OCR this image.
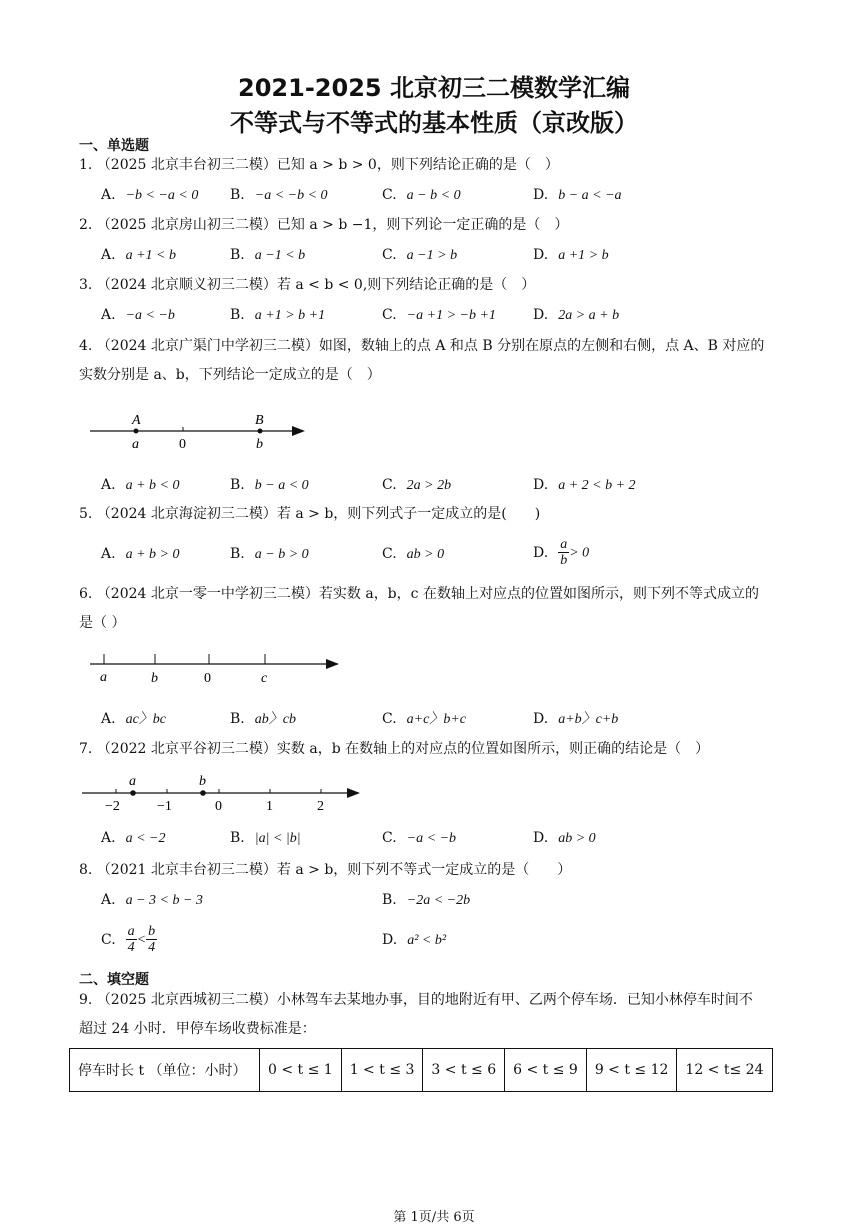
2021-2025 北京初三二模数学汇编
不等式与不等式的基本性质（京改版）
一、单选题
1. （2025 北京丰台初三二模）已知 a > b > 0，则下列结论正确的是（　）
A. −b < −a < 0 B. −a < −b < 0	C. a − b < 0	D. b − a < −a
2. （2025 北京房山初三二模）已知 a > b −1，则下列论一定正确的是（　）
A. a +1 < b	B. a −1 < b	C. a −1 > b	D. a +1 > b
3. （2024 北京顺义初三二模）若 a < b < 0,则下列结论正确的是（　）
A. −a < −b	B. a +1 > b +1	C. −a +1 > −b +1	D. 2a > a + b
4. （2024 北京广渠门中学初三二模）如图，数轴上的点 A 和点 B 分别在原点的左侧和右侧，点 A、B 对应的
实数分别是 a、b，下列结论一定成立的是（　）
A	B
a	0	b
A. a + b < 0	B. b − a < 0	C. 2a > 2b	D. a + 2 < b + 2
5. （2024 北京海淀初三二模）若 a > b，则下列式子一定成立的是(　　)
A. a + b > 0	B. a − b > 0	C. ab > 0	D. $\frac{a}{b} > 0$
6. （2024 北京一零一中学初三二模）若实数 a，b，c 在数轴上对应点的位置如图所示，则下列不等式成立的
是（ ）
a	b	0	c
A. ac〉bc	B. ab〉cb	C. a+c〉b+c	D. a+b〉c+b
7. （2022 北京平谷初三二模）实数 a，b 在数轴上的对应点的位置如图所示，则正确的结论是（　）
a	b
−2	−1	0	1	2
A. a < −2	B. |a| < |b|	C. −a < −b	D. ab > 0
8. （2021 北京丰台初三二模）若 a > b，则下列不等式一定成立的是（　　）
A. a − 3 < b − 3	B. −2a < −2b
C. $\frac{a}{4} < \frac{b}{4}$	D. a² < b²
二、填空题
9. （2025 北京西城初三二模）小林驾车去某地办事，目的地附近有甲、乙两个停车场．已知小林停车时间不
超过 24 小时．甲停车场收费标准是：
停车时长 t （单位：小时）	0 < t ≤ 1	1 < t ≤ 3	3 < t ≤ 6	6 < t ≤ 9	9 < t ≤ 12	12 < t≤ 24
第 1页/共 6页
